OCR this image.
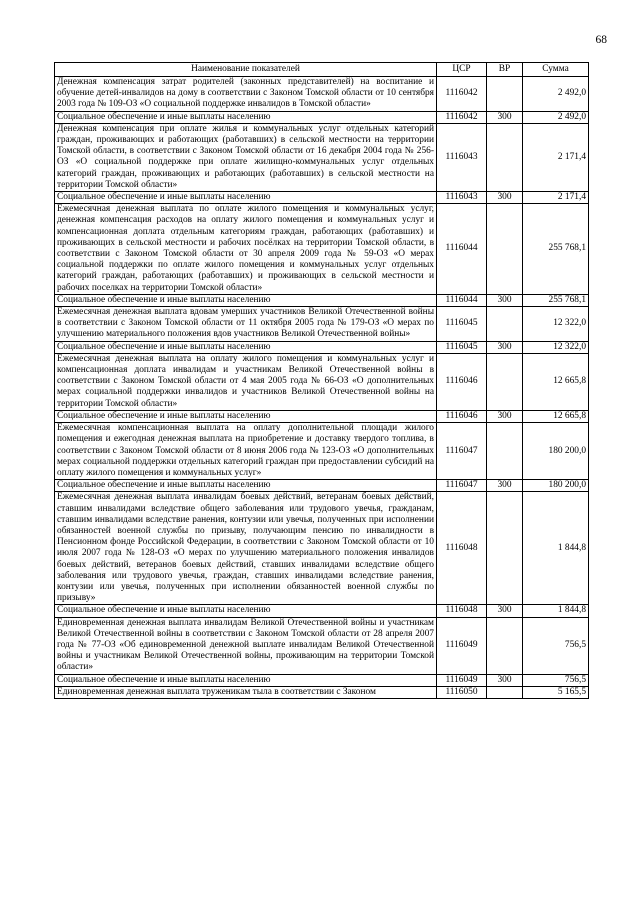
68
Наименование показателей	ЦСР	ВР	Сумма
Денежная компенсация затрат родителей (законных представителей) на воспитание и обучение детей-инвалидов на дому в соответствии с Законом Томской области от 10 сентября 2003 года № 109-ОЗ «О социальной поддержке инвалидов в Томской области»	1116042		2 492,0
Социальное обеспечение и иные выплаты населению	1116042	300	2 492,0
Денежная компенсация при оплате жилья и коммунальных услуг отдельных категорий граждан, проживающих и работающих (работавших) в сельской местности на территории Томской области, в соответствии с Законом Томской области от 16 декабря 2004 года № 256-ОЗ «О социальной поддержке при оплате жилищно-коммунальных услуг отдельных категорий граждан, проживающих и работающих (работавших) в сельской местности на территории Томской области»	1116043		2 171,4
Социальное обеспечение и иные выплаты населению	1116043	300	2 171,4
Ежемесячная денежная выплата по оплате жилого помещения и коммунальных услуг, денежная компенсация расходов на оплату жилого помещения и коммунальных услуг и компенсационная доплата отдельным категориям граждан, работающих (работавших) и проживающих в сельской местности и рабочих посёлках на территории Томской области, в соответствии с Законом Томской области от 30 апреля 2009 года № 59-ОЗ «О мерах социальной поддержки по оплате жилого помещения и коммунальных услуг отдельных категорий граждан, работающих (работавших) и проживающих в сельской местности и рабочих поселках на территории Томской области»	1116044		255 768,1
Социальное обеспечение и иные выплаты населению	1116044	300	255 768,1
Ежемесячная денежная выплата вдовам умерших участников Великой Отечественной войны в соответствии с Законом Томской области от 11 октября 2005 года № 179-ОЗ «О мерах по улучшению материального положения вдов участников Великой Отечественной войны»	1116045		12 322,0
Социальное обеспечение и иные выплаты населению	1116045	300	12 322,0
Ежемесячная денежная выплата на оплату жилого помещения и коммунальных услуг и компенсационная доплата инвалидам и участникам Великой Отечественной войны в соответствии с Законом Томской области от 4 мая 2005 года № 66-ОЗ «О дополнительных мерах социальной поддержки инвалидов и участников Великой Отечественной войны на территории Томской области»	1116046		12 665,8
Социальное обеспечение и иные выплаты населению	1116046	300	12 665,8
Ежемесячная компенсационная выплата на оплату дополнительной площади жилого помещения и ежегодная денежная выплата на приобретение и доставку твердого топлива, в соответствии с Законом Томской области от 8 июня 2006 года № 123-ОЗ «О дополнительных мерах социальной поддержки отдельных категорий граждан при предоставлении субсидий на оплату жилого помещения и коммунальных услуг»	1116047		180 200,0
Социальное обеспечение и иные выплаты населению	1116047	300	180 200,0
Ежемесячная денежная выплата инвалидам боевых действий, ветеранам боевых действий, ставшим инвалидами вследствие общего заболевания или трудового увечья, гражданам, ставшим инвалидами вследствие ранения, контузии или увечья, полученных при исполнении обязанностей военной службы по призыву, получающим пенсию по инвалидности в Пенсионном фонде Российской Федерации, в соответствии с Законом Томской области от 10 июля 2007 года № 128-ОЗ «О мерах по улучшению материального положения инвалидов боевых действий, ветеранов боевых действий, ставших инвалидами вследствие общего заболевания или трудового увечья, граждан, ставших инвалидами вследствие ранения, контузии или увечья, полученных при исполнении обязанностей военной службы по призыву»	1116048		1 844,8
Социальное обеспечение и иные выплаты населению	1116048	300	1 844,8
Единовременная денежная выплата инвалидам Великой Отечественной войны и участникам Великой Отечественной войны в соответствии с Законом Томской области от 28 апреля 2007 года № 77-ОЗ «Об единовременной денежной выплате инвалидам Великой Отечественной войны и участникам Великой Отечественной войны, проживающим на территории Томской области»	1116049		756,5
Социальное обеспечение и иные выплаты населению	1116049	300	756,5
Единовременная денежная выплата труженикам тыла в соответствии с Законом	1116050		5 165,5
